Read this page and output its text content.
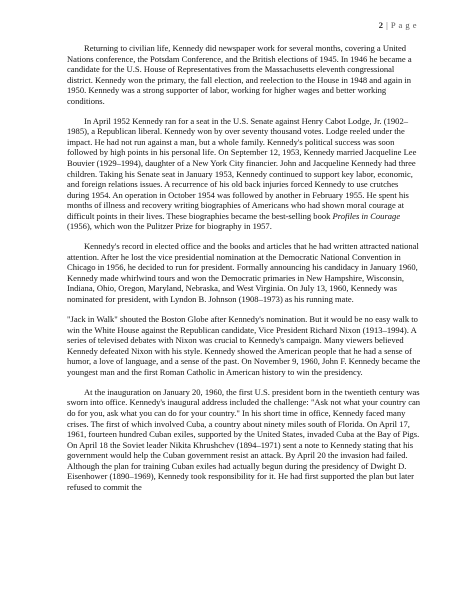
2 | P a g e

Returning to civilian life, Kennedy did newspaper work for several months, covering a United Nations conference, the Potsdam Conference, and the British elections of 1945. In 1946 he became a candidate for the U.S. House of Representatives from the Massachusetts eleventh congressional district. Kennedy won the primary, the fall election, and reelection to the House in 1948 and again in 1950. Kennedy was a strong supporter of labor, working for higher wages and better working conditions.

In April 1952 Kennedy ran for a seat in the U.S. Senate against Henry Cabot Lodge, Jr. (1902–1985), a Republican liberal. Kennedy won by over seventy thousand votes. Lodge reeled under the impact. He had not run against a man, but a whole family. Kennedy's political success was soon followed by high points in his personal life. On September 12, 1953, Kennedy married Jacqueline Lee Bouvier (1929–1994), daughter of a New York City financier. John and Jacqueline Kennedy had three children. Taking his Senate seat in January 1953, Kennedy continued to support key labor, economic, and foreign relations issues. A recurrence of his old back injuries forced Kennedy to use crutches during 1954. An operation in October 1954 was followed by another in February 1955. He spent his months of illness and recovery writing biographies of Americans who had shown moral courage at difficult points in their lives. These biographies became the best-selling book Profiles in Courage (1956), which won the Pulitzer Prize for biography in 1957.

Kennedy's record in elected office and the books and articles that he had written attracted national attention. After he lost the vice presidential nomination at the Democratic National Convention in Chicago in 1956, he decided to run for president. Formally announcing his candidacy in January 1960, Kennedy made whirlwind tours and won the Democratic primaries in New Hampshire, Wisconsin, Indiana, Ohio, Oregon, Maryland, Nebraska, and West Virginia. On July 13, 1960, Kennedy was nominated for president, with Lyndon B. Johnson (1908–1973) as his running mate.

"Jack in Walk" shouted the Boston Globe after Kennedy's nomination. But it would be no easy walk to win the White House against the Republican candidate, Vice President Richard Nixon (1913–1994). A series of televised debates with Nixon was crucial to Kennedy's campaign. Many viewers believed Kennedy defeated Nixon with his style. Kennedy showed the American people that he had a sense of humor, a love of language, and a sense of the past. On November 9, 1960, John F. Kennedy became the youngest man and the first Roman Catholic in American history to win the presidency.

At the inauguration on January 20, 1960, the first U.S. president born in the twentieth century was sworn into office. Kennedy's inaugural address included the challenge: "Ask not what your country can do for you, ask what you can do for your country." In his short time in office, Kennedy faced many crises. The first of which involved Cuba, a country about ninety miles south of Florida. On April 17, 1961, fourteen hundred Cuban exiles, supported by the United States, invaded Cuba at the Bay of Pigs. On April 18 the Soviet leader Nikita Khrushchev (1894–1971) sent a note to Kennedy stating that his government would help the Cuban government resist an attack. By April 20 the invasion had failed. Although the plan for training Cuban exiles had actually begun during the presidency of Dwight D. Eisenhower (1890–1969), Kennedy took responsibility for it. He had first supported the plan but later refused to commit the
